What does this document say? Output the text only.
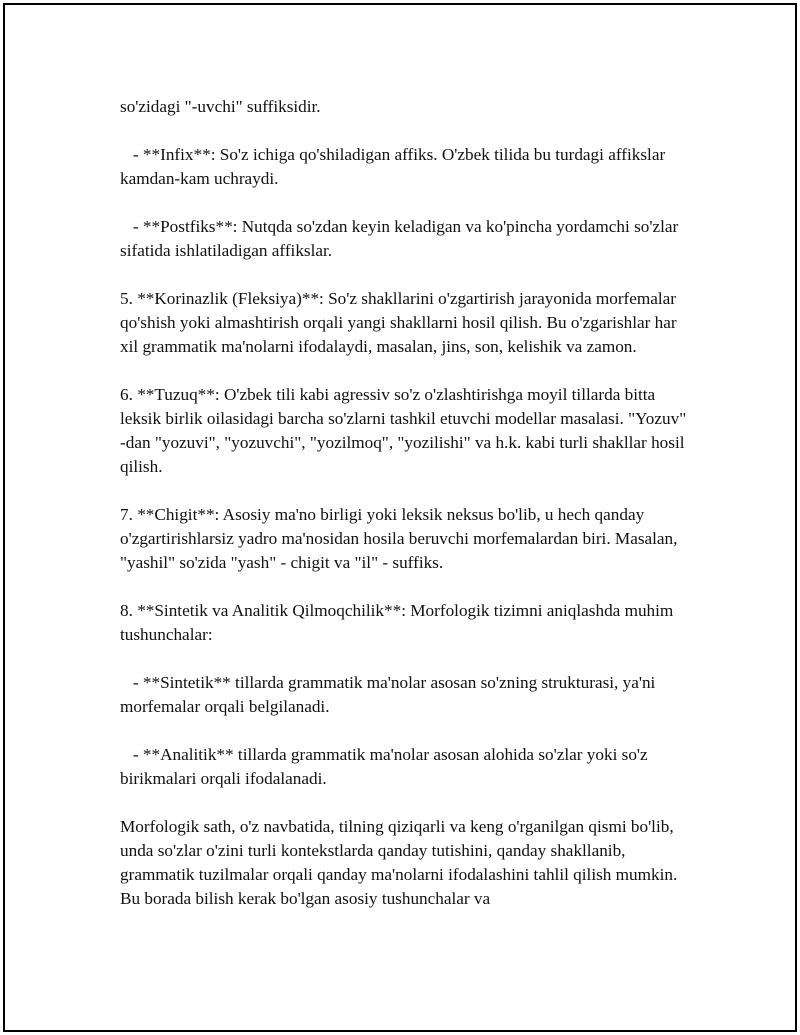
so'zidagi "-uvchi" suffiksidir.

- **Infix**: So'z ichiga qo'shiladigan affiks. O'zbek tilida bu turdagi affikslar kamdan-kam uchraydi.

- **Postfiks**: Nutqda so'zdan keyin keladigan va ko'pincha yordamchi so'zlar sifatida ishlatiladigan affikslar.

5. **Korinazlik (Fleksiya)**: So'z shakllarini o'zgartirish jarayonida morfemalar qo'shish yoki almashtirish orqali yangi shakllarni hosil qilish. Bu o'zgarishlar har xil grammatik ma'nolarni ifodalaydi, masalan, jins, son, kelishik va zamon.

6. **Tuzuq**: O'zbek tili kabi agressiv so'z o'zlashtirishga moyil tillarda bitta leksik birlik oilasidagi barcha so'zlarni tashkil etuvchi modellar masalasi. "Yozuv" -dan "yozuvi", "yozuvchi", "yozilmoq", "yozilishi" va h.k. kabi turli shakllar hosil qilish.

7. **Chigit**: Asosiy ma'no birligi yoki leksik neksus bo'lib, u hech qanday o'zgartirishlarsiz yadro ma'nosidan hosila beruvchi morfemalardan biri. Masalan, "yashil" so'zida "yash" - chigit va "il" - suffiks.

8. **Sintetik va Analitik Qilmoqchilik**: Morfologik tizimni aniqlashda muhim tushunchalar:

- **Sintetik** tillarda grammatik ma'nolar asosan so'zning strukturasi, ya'ni morfemalar orqali belgilanadi.

- **Analitik** tillarda grammatik ma'nolar asosan alohida so'zlar yoki so'z birikmalari orqali ifodalanadi.

Morfologik sath, o'z navbatida, tilning qiziqarli va keng o'rganilgan qismi bo'lib, unda so'zlar o'zini turli kontekstlarda qanday tutishini, qanday shakllanib, grammatik tuzilmalar orqali qanday ma'nolarni ifodalashini tahlil qilish mumkin. Bu borada bilish kerak bo'lgan asosiy tushunchalar va
